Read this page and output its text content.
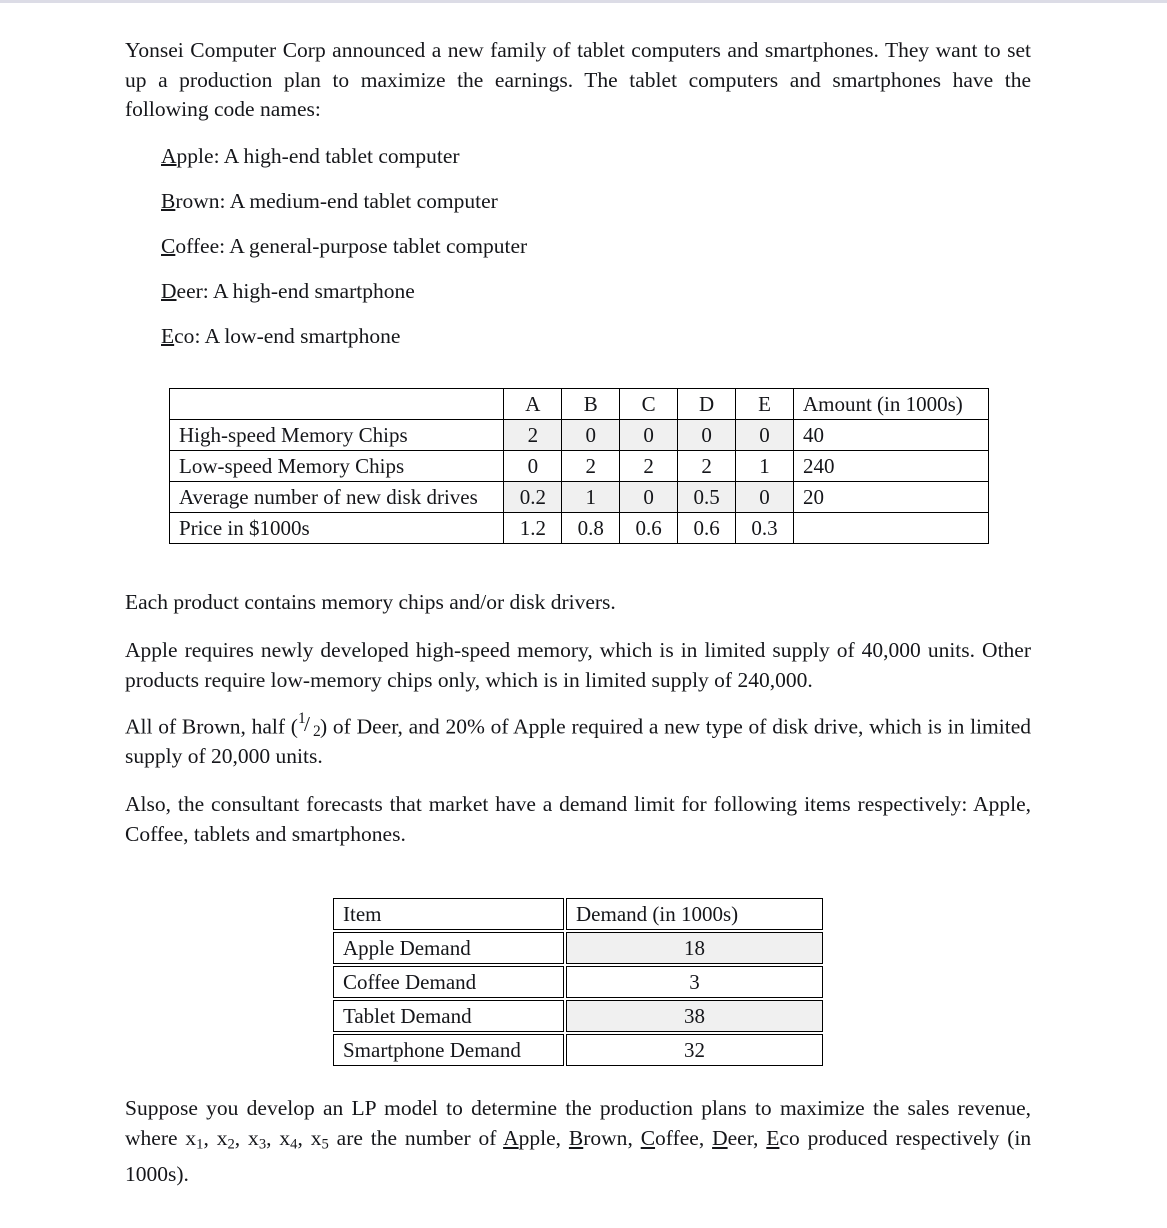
Yonsei Computer Corp announced a new family of tablet computers and smartphones. They want to set up a production plan to maximize the earnings. The tablet computers and smartphones have the following code names:

Apple: A high-end tablet computer

Brown: A medium-end tablet computer

Coffee: A general-purpose tablet computer

Deer: A high-end smartphone

Eco: A low-end smartphone

	A	B	C	D	E	Amount (in 1000s)
High-speed Memory Chips	2	0	0	0	0	40
Low-speed Memory Chips	0	2	2	2	1	240
Average number of new disk drives	0.2	1	0	0.5	0	20
Price in $1000s	1.2	0.8	0.6	0.6	0.3	

Each product contains memory chips and/or disk drivers.

Apple requires newly developed high-speed memory, which is in limited supply of 40,000 units. Other products require low-memory chips only, which is in limited supply of 240,000.

All of Brown, half ( 1
/ 2 ) of Deer, and 20% of Apple required a new type of disk drive, which is in limited supply of 20,000 units.

Also, the consultant forecasts that market have a demand limit for following items respectively: Apple, Coffee, tablets and smartphones.

Item	Demand (in 1000s)
Apple Demand	18
Coffee Demand	3
Tablet Demand	38
Smartphone Demand	32

Suppose you develop an LP model to determine the production plans to maximize the sales revenue, where $x_1$, $x_2$, $x_3$, $x_4$, $x_5$ are the number of Apple, Brown, Coffee, Deer, Eco produced respectively (in 1000s).
